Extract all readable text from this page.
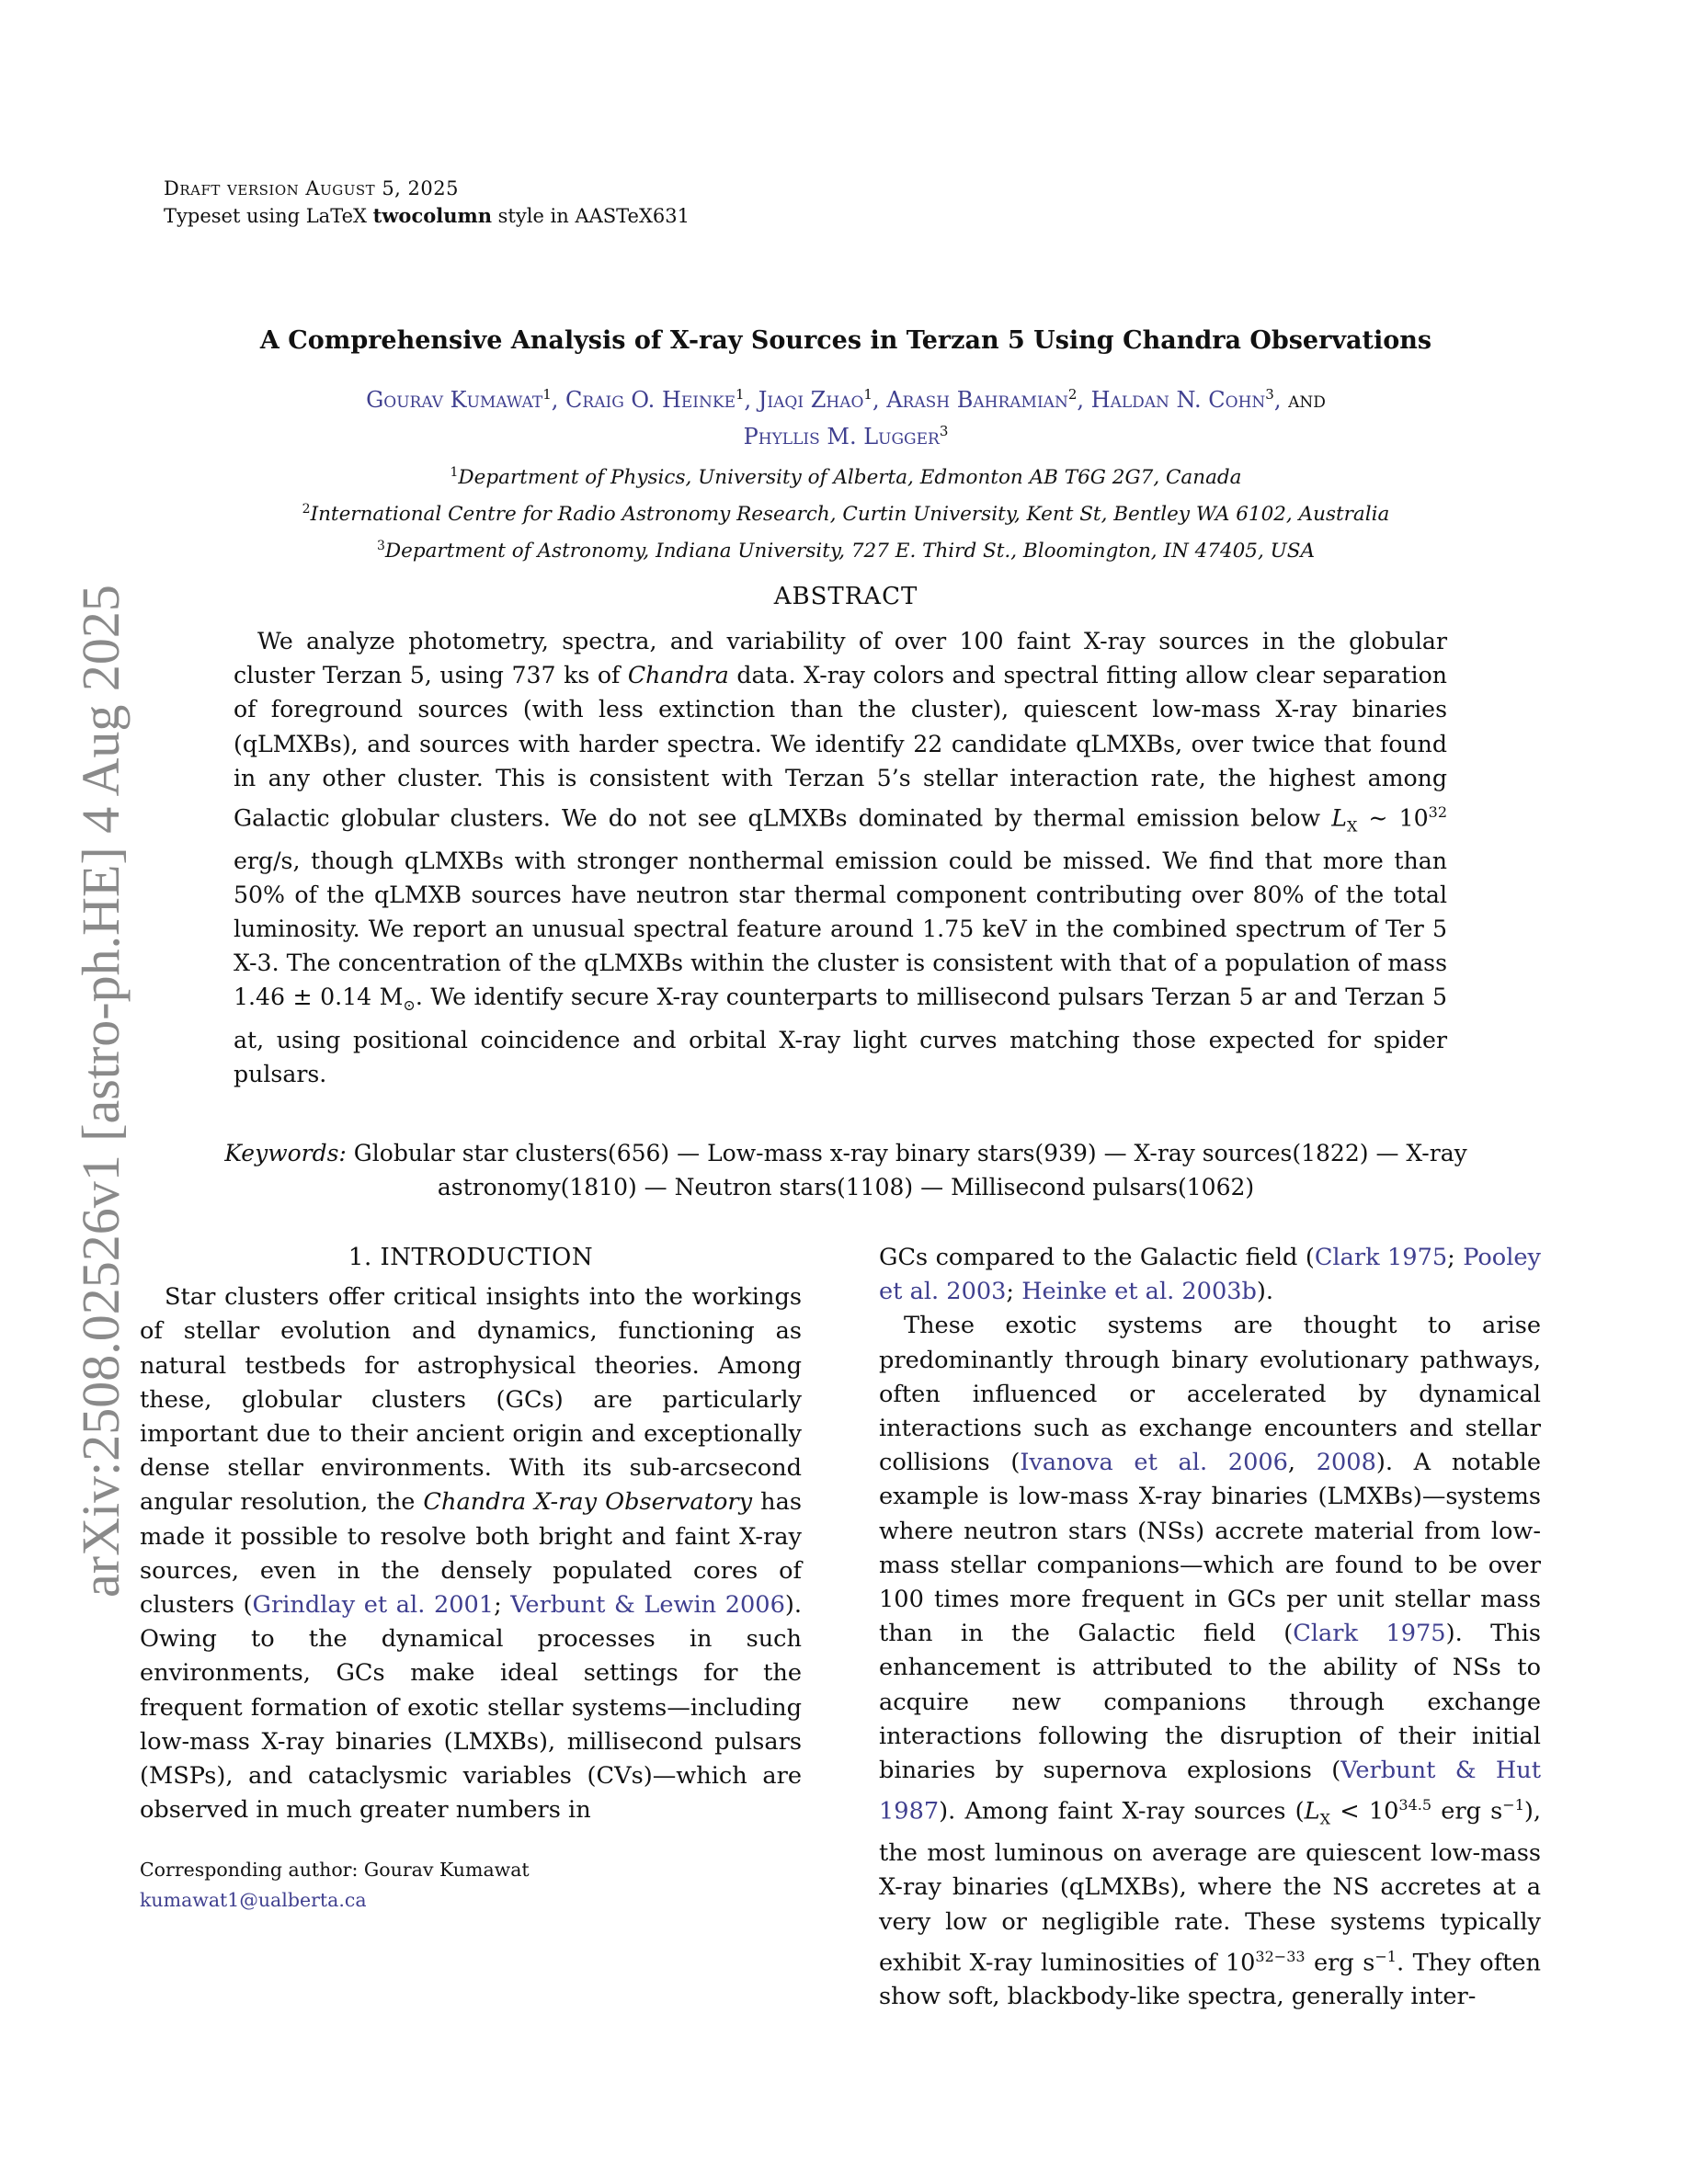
Draft version August 5, 2025
Typeset using LaTeX twocolumn style in AASTeX631
arXiv:2508.02526v1 [astro-ph.HE] 4 Aug 2025
A Comprehensive Analysis of X-ray Sources in Terzan 5 Using Chandra Observations
Gourav Kumawat$^1$, Craig O. Heinke$^1$, Jiaqi Zhao$^1$, Arash Bahramian$^2$, Haldan N. Cohn$^3$, and
Phyllis M. Lugger$^3$
$^1$Department of Physics, University of Alberta, Edmonton AB T6G 2G7, Canada
$^2$International Centre for Radio Astronomy Research, Curtin University, Kent St, Bentley WA 6102, Australia
$^3$Department of Astronomy, Indiana University, 727 E. Third St., Bloomington, IN 47405, USA
ABSTRACT
We analyze photometry, spectra, and variability of over 100 faint X-ray sources in the globular cluster Terzan 5, using 737 ks of Chandra data. X-ray colors and spectral fitting allow clear separation of foreground sources (with less extinction than the cluster), quiescent low-mass X-ray binaries (qLMXBs), and sources with harder spectra. We identify 22 candidate qLMXBs, over twice that found in any other cluster. This is consistent with Terzan 5’s stellar interaction rate, the highest among Galactic globular clusters. We do not see qLMXBs dominated by thermal emission below $L_X$ ∼ $10^{32}$ erg/s, though qLMXBs with stronger nonthermal emission could be missed. We find that more than 50% of the qLMXB sources have neutron star thermal component contributing over 80% of the total luminosity. We report an unusual spectral feature around 1.75 keV in the combined spectrum of Ter 5 X-3. The concentration of the qLMXBs within the cluster is consistent with that of a population of mass 1.46 ± 0.14 $M_⊙$. We identify secure X-ray counterparts to millisecond pulsars Terzan 5 ar and Terzan 5 at, using positional coincidence and orbital X-ray light curves matching those expected for spider pulsars.
Keywords: Globular star clusters(656) — Low-mass x-ray binary stars(939) — X-ray sources(1822) — X-ray astronomy(1810) — Neutron stars(1108) — Millisecond pulsars(1062)
1. INTRODUCTION

Star clusters offer critical insights into the workings of stellar evolution and dynamics, functioning as natural testbeds for astrophysical theories. Among these, globular clusters (GCs) are particularly important due to their ancient origin and exceptionally dense stellar environments. With its sub-arcsecond angular resolution, the Chandra X-ray Observatory has made it possible to resolve both bright and faint X-ray sources, even in the densely populated cores of clusters (Grindlay et al. 2001; Verbunt & Lewin 2006). Owing to the dynamical processes in such environments, GCs make ideal settings for the frequent formation of exotic stellar systems—including low-mass X-ray binaries (LMXBs), millisecond pulsars (MSPs), and cataclysmic variables (CVs)—which are observed in much greater numbers in

Corresponding author: Gourav Kumawat
kumawat1@ualberta.ca

GCs compared to the Galactic field (Clark 1975; Pooley et al. 2003; Heinke et al. 2003b).

These exotic systems are thought to arise predominantly through binary evolutionary pathways, often influenced or accelerated by dynamical interactions such as exchange encounters and stellar collisions (Ivanova et al. 2006, 2008). A notable example is low-mass X-ray binaries (LMXBs)—systems where neutron stars (NSs) accrete material from low-mass stellar companions—which are found to be over 100 times more frequent in GCs per unit stellar mass than in the Galactic field (Clark 1975). This enhancement is attributed to the ability of NSs to acquire new companions through exchange interactions following the disruption of their initial binaries by supernova explosions (Verbunt & Hut 1987). Among faint X-ray sources ($L_X < 10^{34.5}$ erg $s^{-1}$), the most luminous on average are quiescent low-mass X-ray binaries (qLMXBs), where the NS accretes at a very low or negligible rate. These systems typically exhibit X-ray luminosities of $10^{32-33}$ erg $s^{-1}$. They often show soft, blackbody-like spectra, generally inter-
